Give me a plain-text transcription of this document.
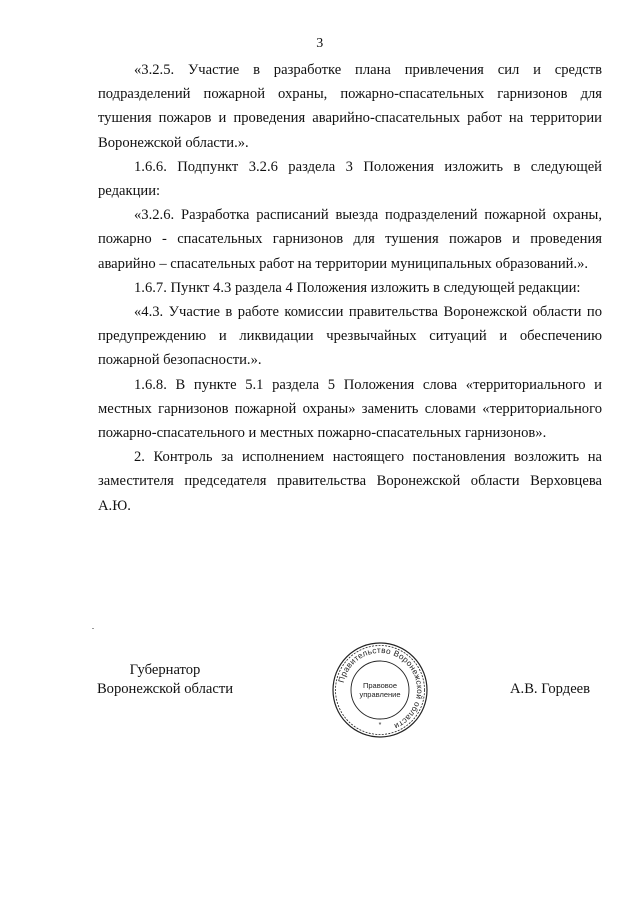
3

«3.2.5. Участие в разработке плана привлечения сил и средств подразделений пожарной охраны, пожарно-спасательных гарнизонов для тушения пожаров и проведения аварийно-спасательных работ на территории Воронежской области.».

1.6.6. Подпункт 3.2.6 раздела 3 Положения изложить в следующей редакции:

«3.2.6. Разработка расписаний выезда подразделений пожарной охраны, пожарно - спасательных гарнизонов для тушения пожаров и проведения аварийно – спасательных работ на территории муниципальных образований.».

1.6.7. Пункт 4.3 раздела 4 Положения изложить в следующей редакции:

«4.3. Участие в работе комиссии правительства Воронежской области по предупреждению и ликвидации чрезвычайных ситуаций и обеспечению пожарной безопасности.».

1.6.8. В пункте 5.1 раздела 5 Положения слова «территориального и местных гарнизонов пожарной охраны» заменить словами «территориального пожарно-спасательного и местных пожарно-спасательных гарнизонов».

2. Контроль за исполнением настоящего постановления возложить на заместителя председателя правительства Воронежской области Верховцева А.Ю.

Губернатор
Воронежской области
Правительство Воронежской области
Правовое
управление
*
А.В. Гордеев
